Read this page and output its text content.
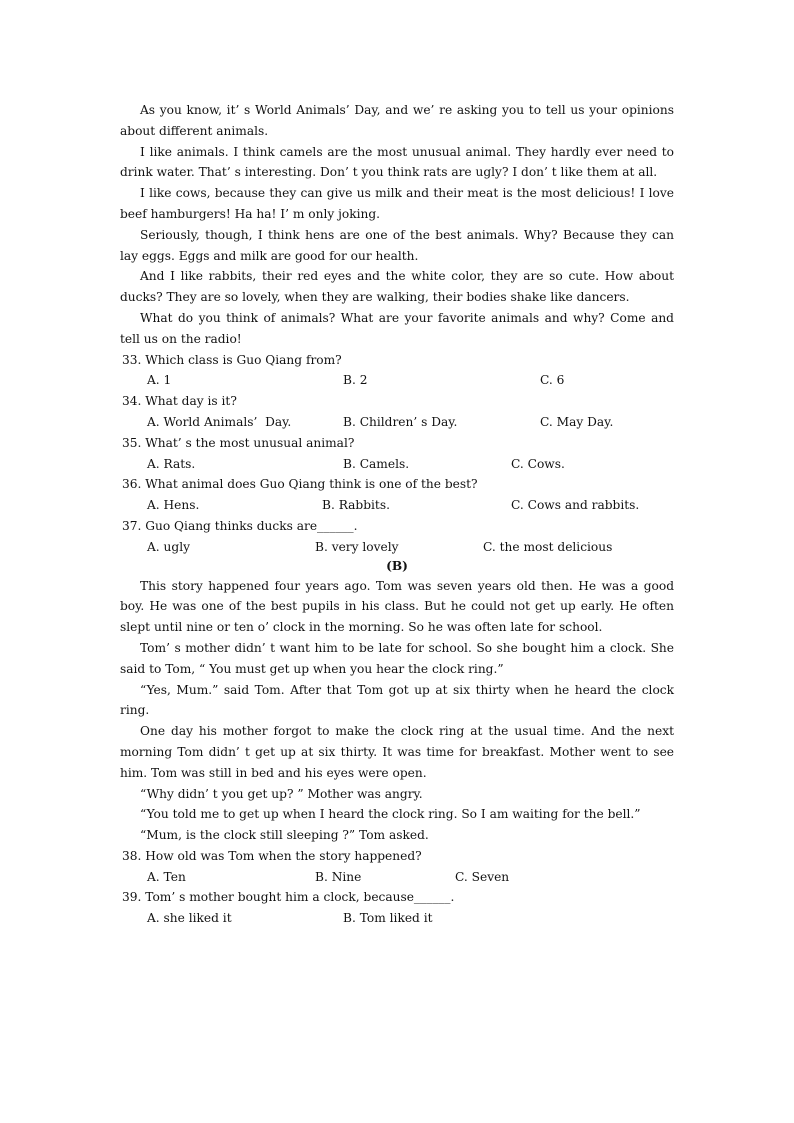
As you know, it’ s World Animals’ Day, and we’ re asking you to tell us your opinions about different animals.

I like animals. I think camels are the most unusual animal. They hardly ever need to drink water. That’ s interesting. Don’ t you think rats are ugly? I don’ t like them at all.

I like cows, because they can give us milk and their meat is the most delicious! I love beef hamburgers! Ha ha! I’ m only joking.

Seriously, though, I think hens are one of the best animals. Why? Because they can lay eggs. Eggs and milk are good for our health.

And I like rabbits, their red eyes and the white color, they are so cute. How about ducks? They are so lovely, when they are walking, their bodies shake like dancers.

What do you think of animals? What are your favorite animals and why? Come and tell us on the radio!

33. Which class is Guo Qiang from?

A. 1	B. 2	C. 6

34. What day is it?

A. World Animals’  Day.	B. Children’ s Day.	C. May Day.

35. What’ s the most unusual animal?

A. Rats.	B. Camels.	C. Cows.

36. What animal does Guo Qiang think is one of the best?

A. Hens.	B. Rabbits.	C. Cows and rabbits.

37. Guo Qiang thinks ducks are______.

A. ugly	B. very lovely	C. the most delicious

(B)

This story happened four years ago. Tom was seven years old then. He was a good boy. He was one of the best pupils in his class. But he could not get up early. He often slept until nine or ten o’ clock in the morning. So he was often late for school.

Tom’ s mother didn’ t want him to be late for school. So she bought him a clock. She said to Tom, “ You must get up when you hear the clock ring.”

“Yes, Mum.” said Tom. After that Tom got up at six thirty when he heard the clock ring.

One day his mother forgot to make the clock ring at the usual time. And the next morning Tom didn’ t get up at six thirty. It was time for breakfast. Mother went to see him. Tom was still in bed and his eyes were open.

“Why didn’ t you get up? ” Mother was angry.

“You told me to get up when I heard the clock ring. So I am waiting for the bell.”

“Mum, is the clock still sleeping ?” Tom asked.

38. How old was Tom when the story happened?

A. Ten	B. Nine	C. Seven

39. Tom’ s mother bought him a clock, because______.

A. she liked it	B. Tom liked it
